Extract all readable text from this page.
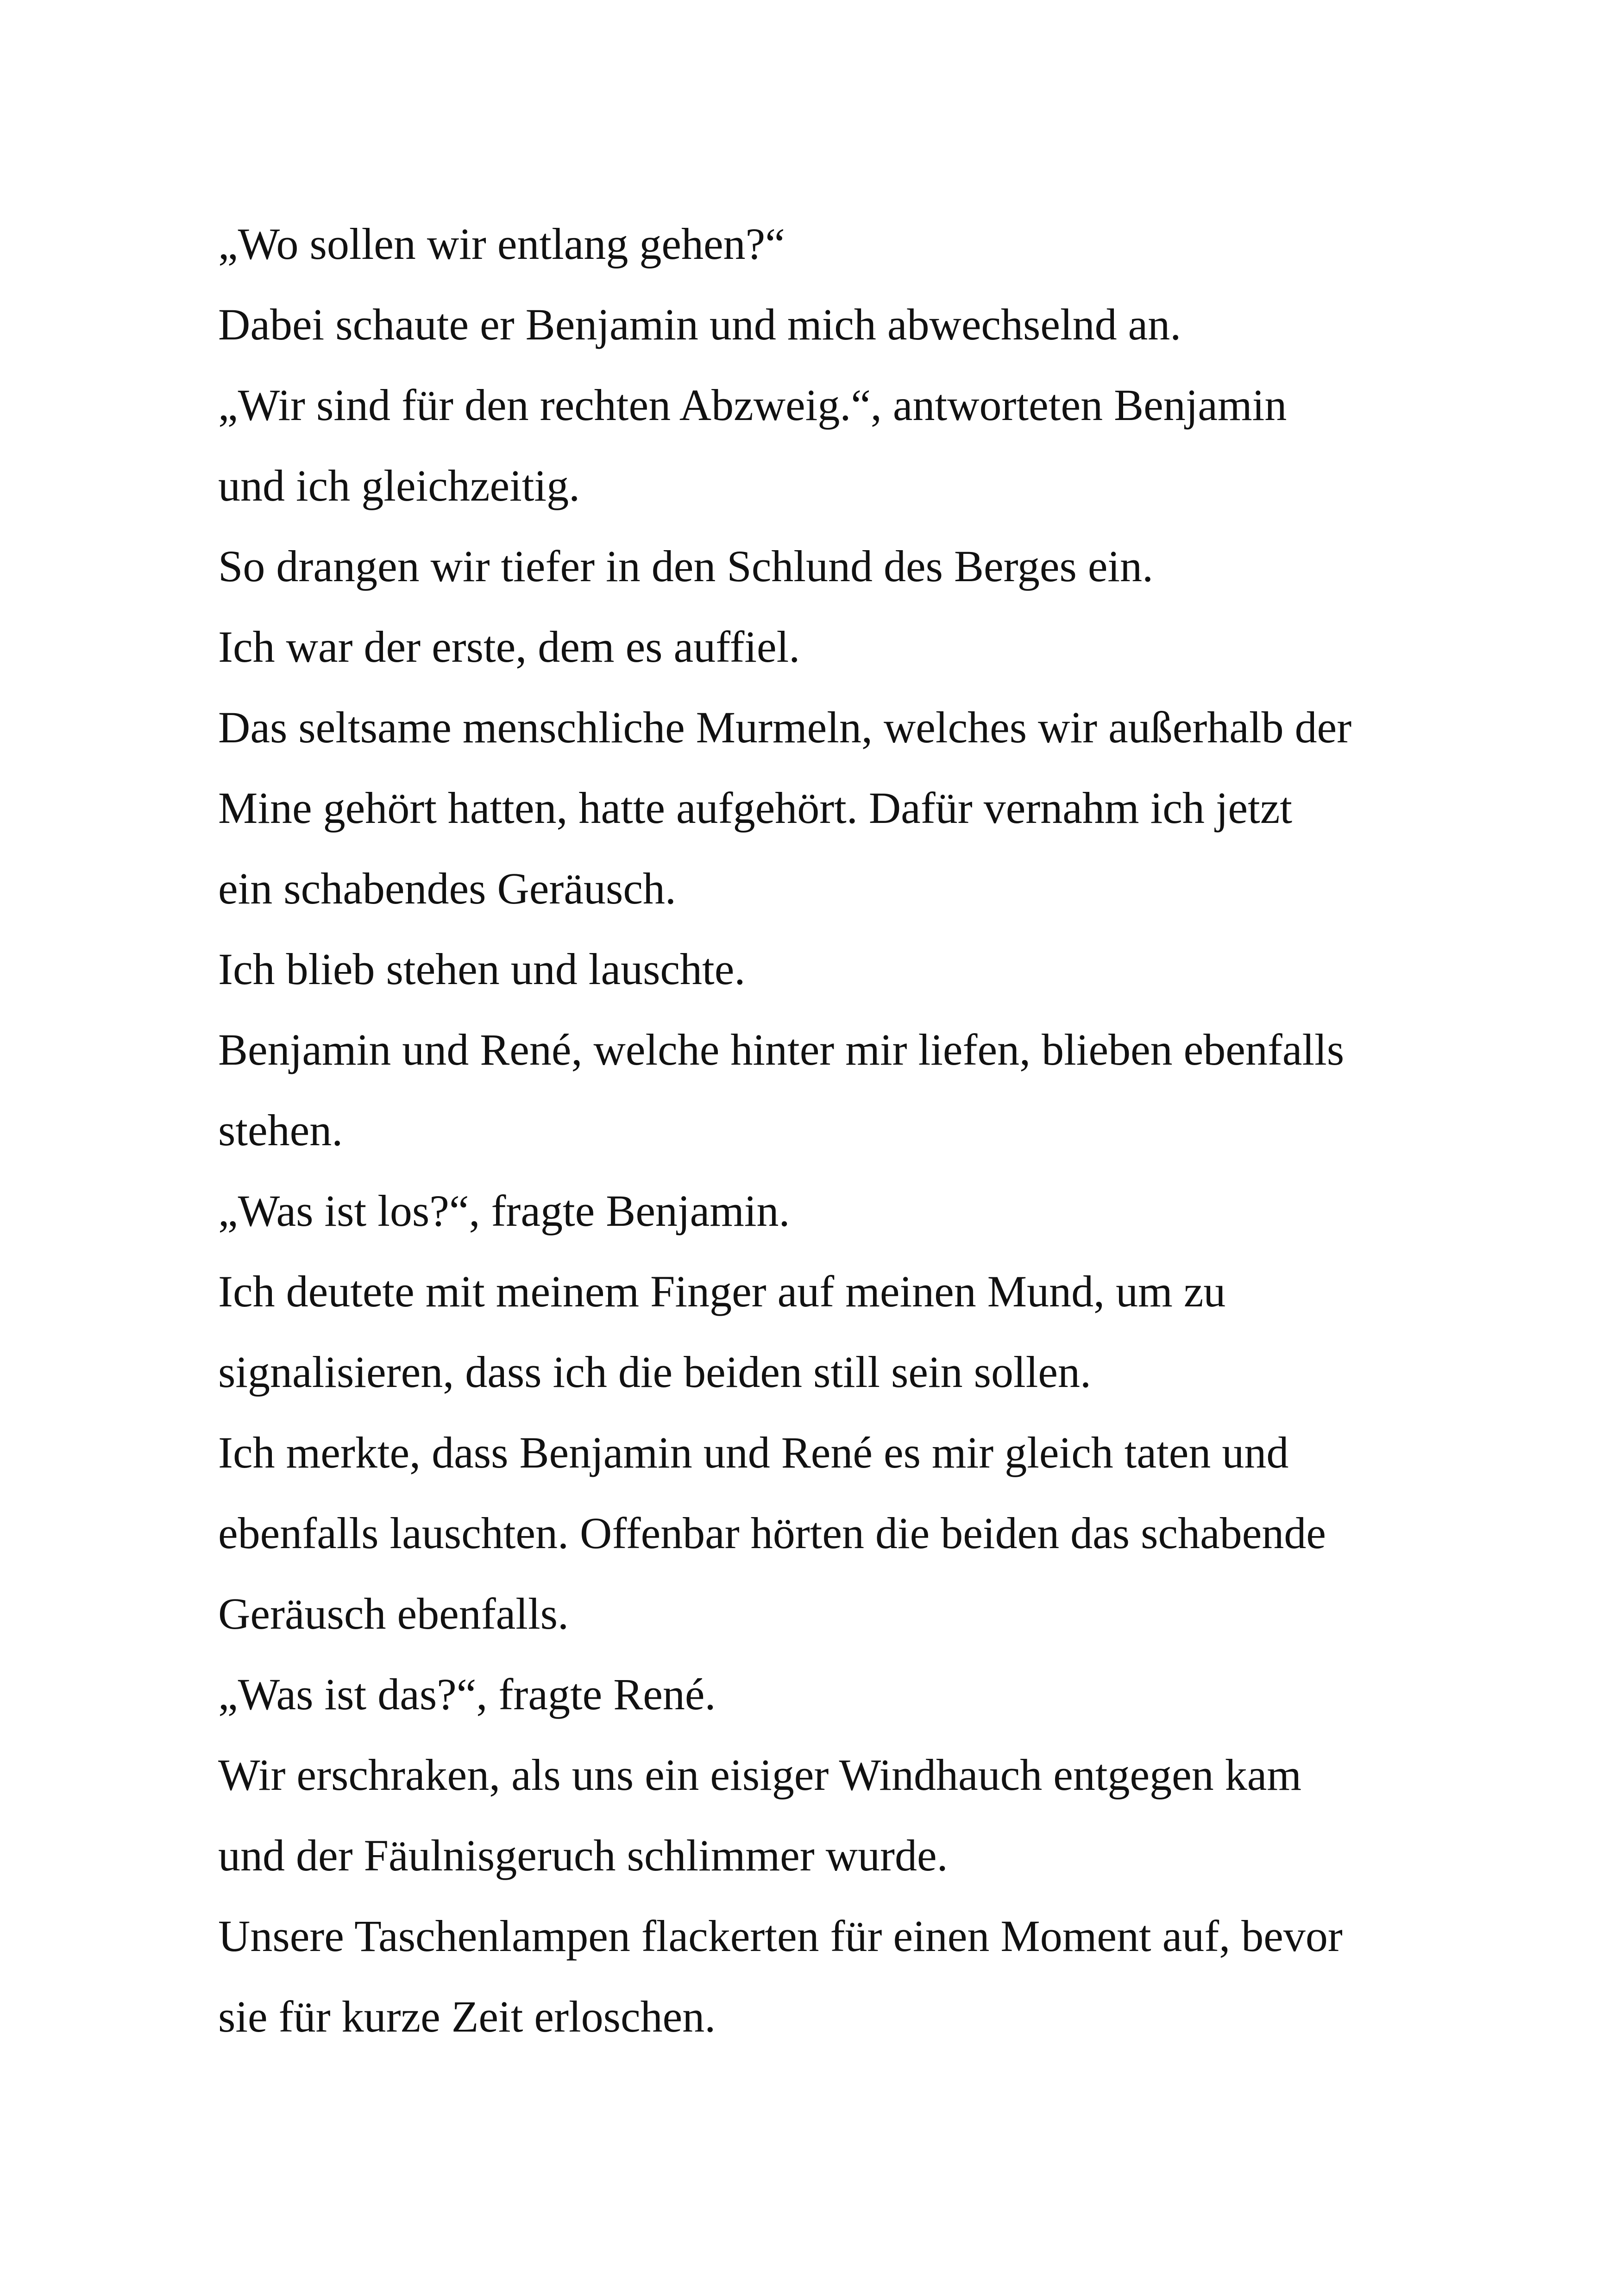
„Wo sollen wir entlang gehen?“
Dabei schaute er Benjamin und mich abwechselnd an.
„Wir sind für den rechten Abzweig.“, antworteten Benjamin
und ich gleichzeitig.
So drangen wir tiefer in den Schlund des Berges ein.
Ich war der erste, dem es auffiel.
Das seltsame menschliche Murmeln, welches wir außerhalb der
Mine gehört hatten, hatte aufgehört. Dafür vernahm ich jetzt
ein schabendes Geräusch.
Ich blieb stehen und lauschte.
Benjamin und René, welche hinter mir liefen, blieben ebenfalls
stehen.
„Was ist los?“, fragte Benjamin.
Ich deutete mit meinem Finger auf meinen Mund, um zu
signalisieren, dass ich die beiden still sein sollen.
Ich merkte, dass Benjamin und René es mir gleich taten und
ebenfalls lauschten. Offenbar hörten die beiden das schabende
Geräusch ebenfalls.
„Was ist das?“, fragte René.
Wir erschraken, als uns ein eisiger Windhauch entgegen kam
und der Fäulnisgeruch schlimmer wurde.
Unsere Taschenlampen flackerten für einen Moment auf, bevor
sie für kurze Zeit erloschen.
